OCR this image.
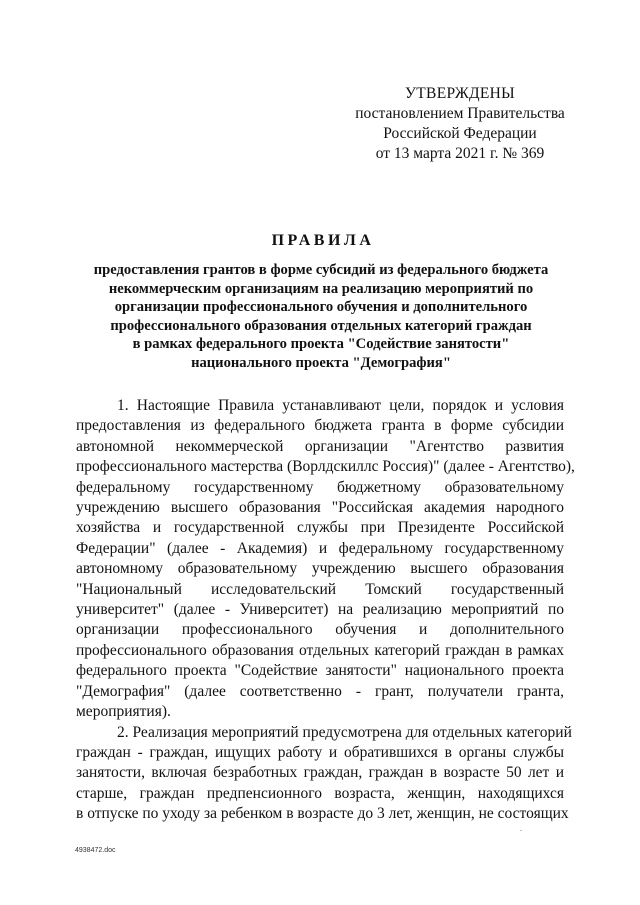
УТВЕРЖДЕНЫ
постановлением Правительства
Российской Федерации
от 13 марта 2021 г. № 369
ПРАВИЛА
предоставления грантов в форме субсидий из федерального бюджета
некоммерческим организациям на реализацию мероприятий по
организации профессионального обучения и дополнительного
профессионального образования отдельных категорий граждан
в рамках федерального проекта "Содействие занятости"
национального проекта "Демография"
1. Настоящие Правила устанавливают цели, порядок и условия
предоставления из федерального бюджета гранта в форме субсидии
автономной некоммерческой организации "Агентство развития
профессионального мастерства (Ворлдскиллс Россия)" (далее - Агентство),
федеральному государственному бюджетному образовательному
учреждению высшего образования "Российская академия народного
хозяйства и государственной службы при Президенте Российской
Федерации" (далее - Академия) и федеральному государственному
автономному образовательному учреждению высшего образования
"Национальный исследовательский Томский государственный
университет" (далее - Университет) на реализацию мероприятий по
организации профессионального обучения и дополнительного
профессионального образования отдельных категорий граждан в рамках
федерального проекта "Содействие занятости" национального проекта
"Демография" (далее соответственно - грант, получатели гранта,
мероприятия).
2. Реализация мероприятий предусмотрена для отдельных категорий
граждан - граждан, ищущих работу и обратившихся в органы службы
занятости, включая безработных граждан, граждан в возрасте 50 лет и
старше, граждан предпенсионного возраста, женщин, находящихся
в отпуске по уходу за ребенком в возрасте до 3 лет, женщин, не состоящих
4938472.doc
